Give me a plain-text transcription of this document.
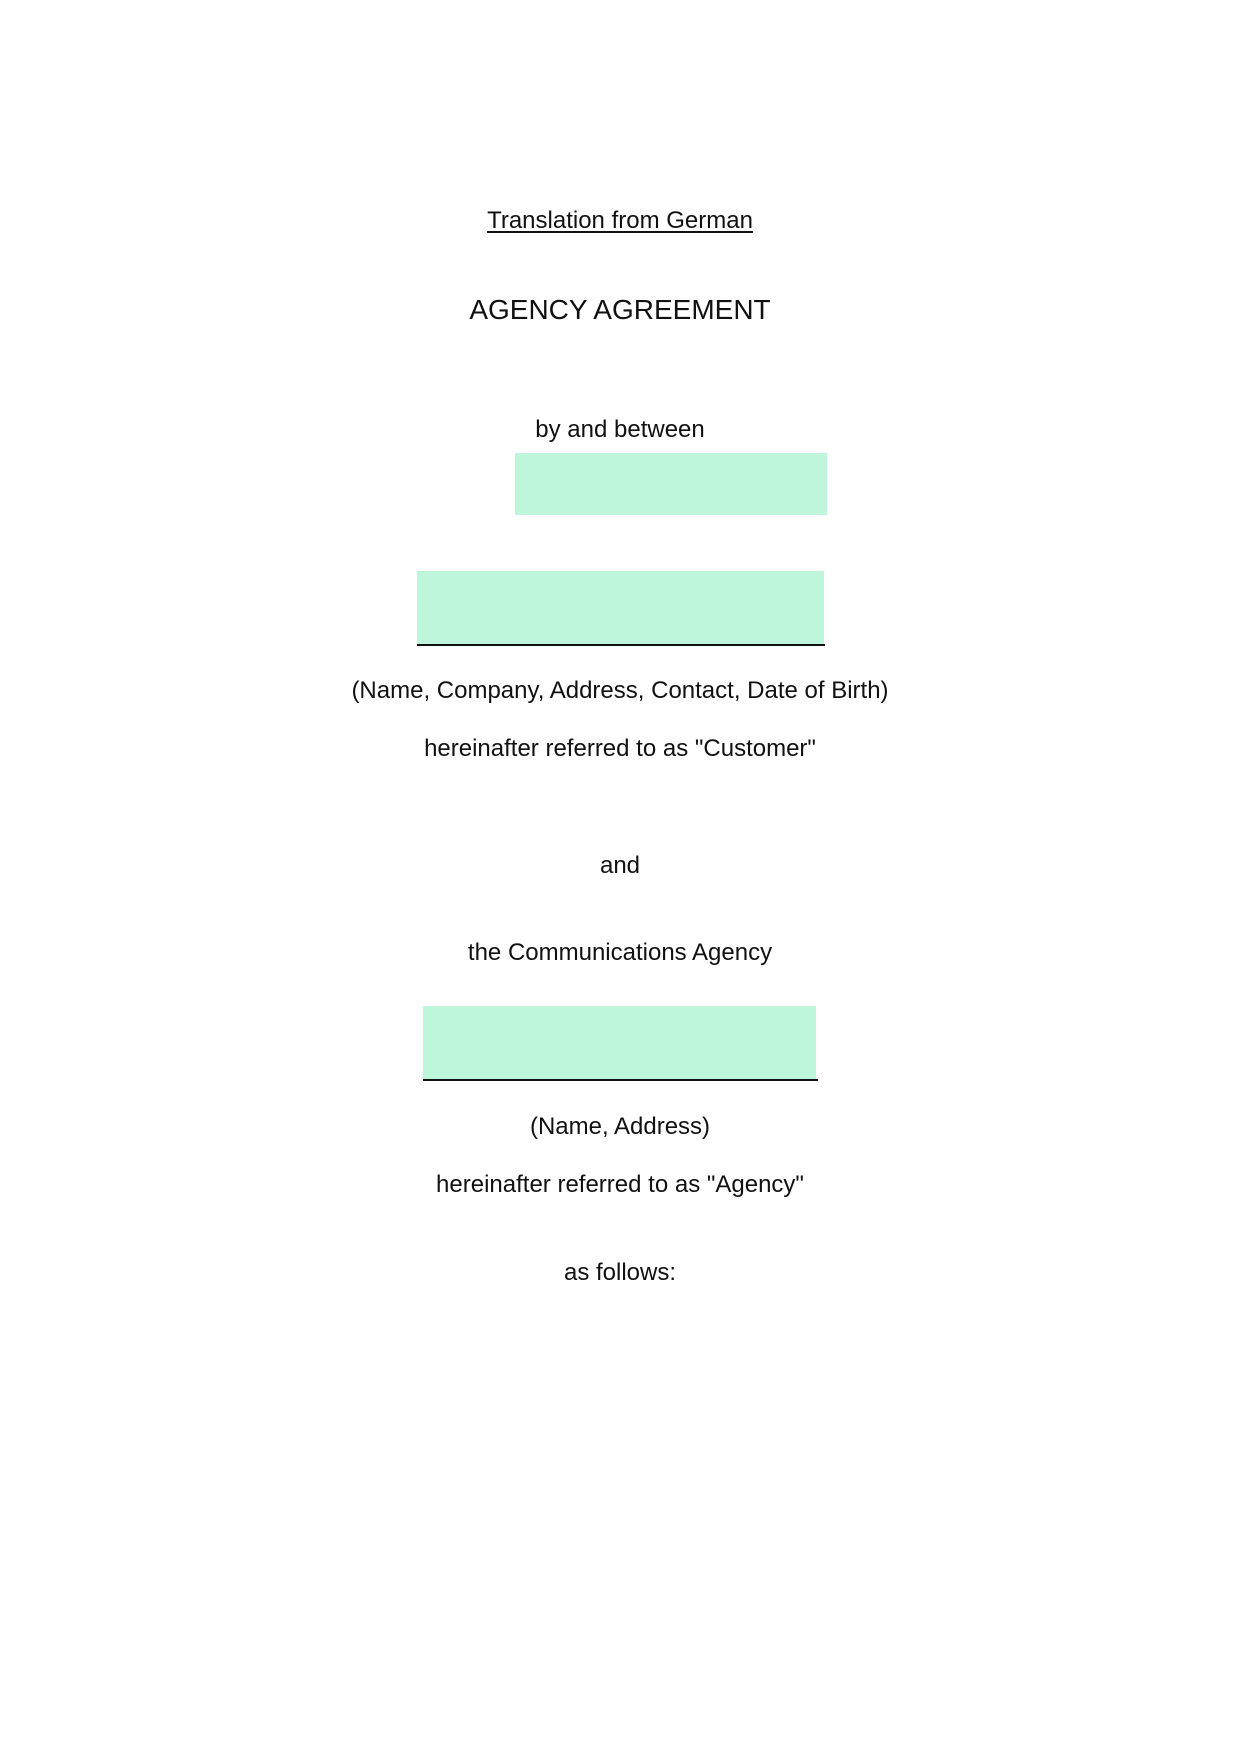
Translation from German
AGENCY AGREEMENT
by and between
(Name, Company, Address, Contact, Date of Birth)
hereinafter referred to as "Customer"
and
the Communications Agency
(Name, Address)
hereinafter referred to as "Agency"
as follows:
